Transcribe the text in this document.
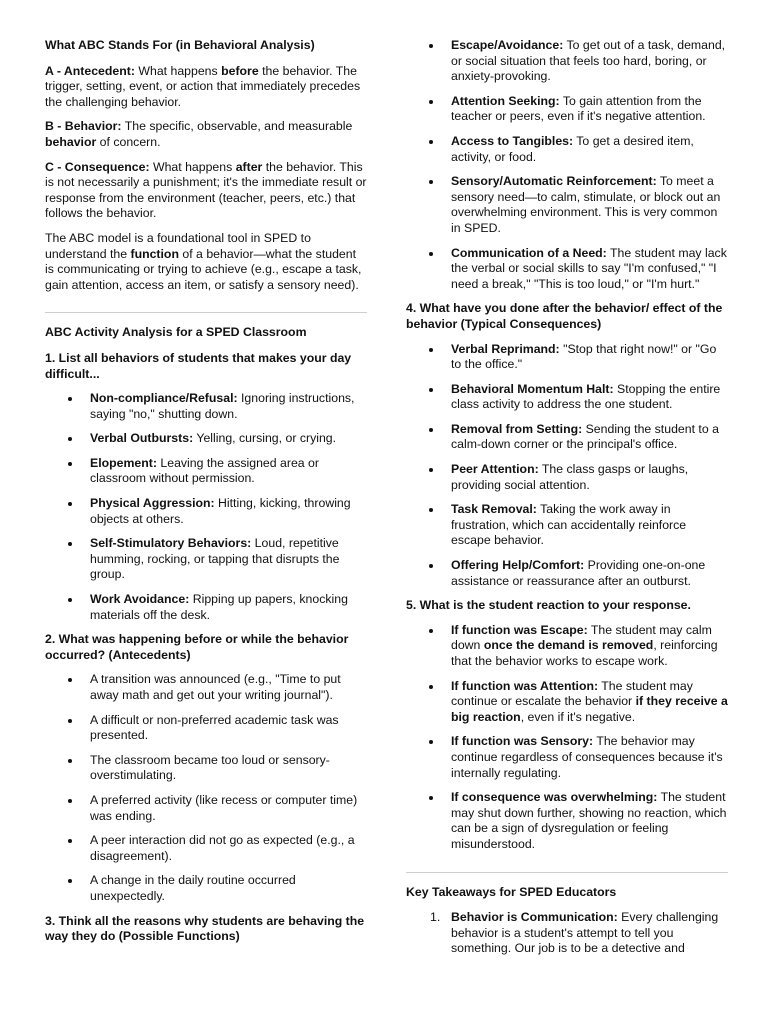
What ABC Stands For (in Behavioral Analysis)

A - Antecedent: What happens before the behavior. The trigger, setting, event, or action that immediately precedes the challenging behavior.

B - Behavior: The specific, observable, and measurable behavior of concern.

C - Consequence: What happens after the behavior. This is not necessarily a punishment; it's the immediate result or response from the environment (teacher, peers, etc.) that follows the behavior.

The ABC model is a foundational tool in SPED to understand the function of a behavior—what the student is communicating or trying to achieve (e.g., escape a task, gain attention, access an item, or satisfy a sensory need).

ABC Activity Analysis for a SPED Classroom
1. List all behaviors of students that makes your day difficult...
Non-compliance/Refusal: Ignoring instructions, saying "no," shutting down.
Verbal Outbursts: Yelling, cursing, or crying.
Elopement: Leaving the assigned area or classroom without permission.
Physical Aggression: Hitting, kicking, throwing objects at others.
Self-Stimulatory Behaviors: Loud, repetitive humming, rocking, or tapping that disrupts the group.
Work Avoidance: Ripping up papers, knocking materials off the desk.
2. What was happening before or while the behavior occurred? (Antecedents)
A transition was announced (e.g., "Time to put away math and get out your writing journal").
A difficult or non-preferred academic task was presented.
The classroom became too loud or sensory-overstimulating.
A preferred activity (like recess or computer time) was ending.
A peer interaction did not go as expected (e.g., a disagreement).
A change in the daily routine occurred unexpectedly.
3. Think all the reasons why students are behaving the way they do (Possible Functions)
Escape/Avoidance: To get out of a task, demand, or social situation that feels too hard, boring, or anxiety-provoking.
Attention Seeking: To gain attention from the teacher or peers, even if it's negative attention.
Access to Tangibles: To get a desired item, activity, or food.
Sensory/Automatic Reinforcement: To meet a sensory need—to calm, stimulate, or block out an overwhelming environment. This is very common in SPED.
Communication of a Need: The student may lack the verbal or social skills to say "I'm confused," "I need a break," "This is too loud," or "I'm hurt."
4. What have you done after the behavior/ effect of the behavior (Typical Consequences)
Verbal Reprimand: "Stop that right now!" or "Go to the office."
Behavioral Momentum Halt: Stopping the entire class activity to address the one student.
Removal from Setting: Sending the student to a calm-down corner or the principal's office.
Peer Attention: The class gasps or laughs, providing social attention.
Task Removal: Taking the work away in frustration, which can accidentally reinforce escape behavior.
Offering Help/Comfort: Providing one-on-one assistance or reassurance after an outburst.
5. What is the student reaction to your response.
If function was Escape: The student may calm down once the demand is removed, reinforcing that the behavior works to escape work.
If function was Attention: The student may continue or escalate the behavior if they receive a big reaction, even if it's negative.
If function was Sensory: The behavior may continue regardless of consequences because it's internally regulating.
If consequence was overwhelming: The student may shut down further, showing no reaction, which can be a sign of dysregulation or feeling misunderstood.
Key Takeaways for SPED Educators
Behavior is Communication: Every challenging behavior is a student's attempt to tell you something. Our job is to be a detective and
